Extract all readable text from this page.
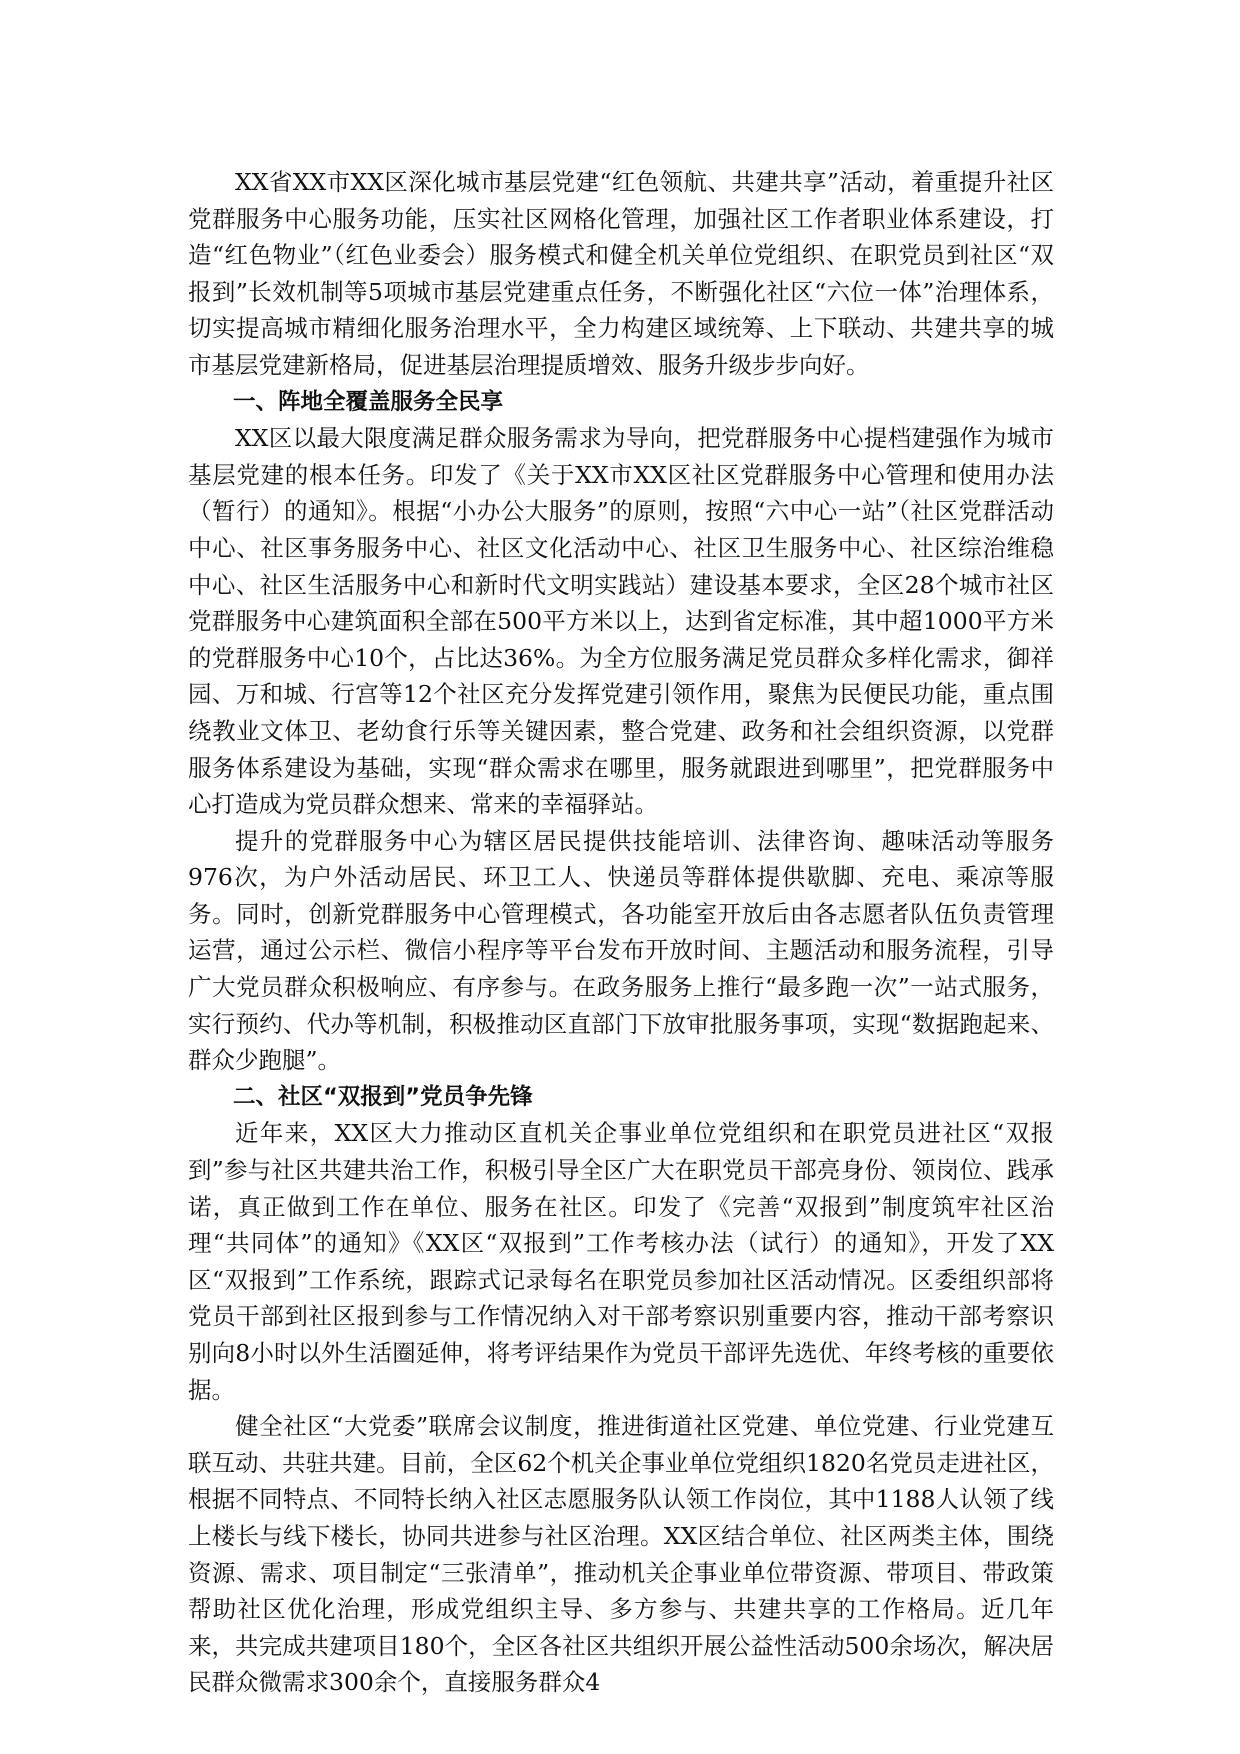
XX省XX市XX区深化城市基层党建“红色领航、共建共享”活动，着重提升社区党群服务中心服务功能，压实社区网格化管理，加强社区工作者职业体系建设，打造“红色物业”（红色业委会）服务模式和健全机关单位党组织、在职党员到社区“双报到”长效机制等5项城市基层党建重点任务，不断强化社区“六位一体”治理体系，切实提高城市精细化服务治理水平，全力构建区域统筹、上下联动、共建共享的城市基层党建新格局，促进基层治理提质增效、服务升级步步向好。

一、阵地全覆盖服务全民享

XX区以最大限度满足群众服务需求为导向，把党群服务中心提档建强作为城市基层党建的根本任务。印发了《关于XX市XX区社区党群服务中心管理和使用办法（暂行）的通知》。根据“小办公大服务”的原则，按照“六中心一站”（社区党群活动中心、社区事务服务中心、社区文化活动中心、社区卫生服务中心、社区综治维稳中心、社区生活服务中心和新时代文明实践站）建设基本要求，全区28个城市社区党群服务中心建筑面积全部在500平方米以上，达到省定标准，其中超1000平方米的党群服务中心10个，占比达36%。为全方位服务满足党员群众多样化需求，御祥园、万和城、行宫等12个社区充分发挥党建引领作用，聚焦为民便民功能，重点围绕教业文体卫、老幼食行乐等关键因素，整合党建、政务和社会组织资源，以党群服务体系建设为基础，实现“群众需求在哪里，服务就跟进到哪里”，把党群服务中心打造成为党员群众想来、常来的幸福驿站。

提升的党群服务中心为辖区居民提供技能培训、法律咨询、趣味活动等服务976次，为户外活动居民、环卫工人、快递员等群体提供歇脚、充电、乘凉等服务。同时，创新党群服务中心管理模式，各功能室开放后由各志愿者队伍负责管理运营，通过公示栏、微信小程序等平台发布开放时间、主题活动和服务流程，引导广大党员群众积极响应、有序参与。在政务服务上推行“最多跑一次”一站式服务，实行预约、代办等机制，积极推动区直部门下放审批服务事项，实现“数据跑起来、群众少跑腿”。

二、社区“双报到”党员争先锋

近年来，XX区大力推动区直机关企事业单位党组织和在职党员进社区“双报到”参与社区共建共治工作，积极引导全区广大在职党员干部亮身份、领岗位、践承诺，真正做到工作在单位、服务在社区。印发了《完善“双报到”制度筑牢社区治理“共同体”的通知》《XX区“双报到”工作考核办法（试行）的通知》，开发了XX区“双报到”工作系统，跟踪式记录每名在职党员参加社区活动情况。区委组织部将党员干部到社区报到参与工作情况纳入对干部考察识别重要内容，推动干部考察识别向8小时以外生活圈延伸，将考评结果作为党员干部评先选优、年终考核的重要依据。

健全社区“大党委”联席会议制度，推进街道社区党建、单位党建、行业党建互联互动、共驻共建。目前，全区62个机关企事业单位党组织1820名党员走进社区，根据不同特点、不同特长纳入社区志愿服务队认领工作岗位，其中1188人认领了线上楼长与线下楼长，协同共进参与社区治理。XX区结合单位、社区两类主体，围绕资源、需求、项目制定“三张清单”，推动机关企事业单位带资源、带项目、带政策帮助社区优化治理，形成党组织主导、多方参与、共建共享的工作格局。近几年来，共完成共建项目180个，全区各社区共组织开展公益性活动500余场次，解决居民群众微需求300余个，直接服务群众4
